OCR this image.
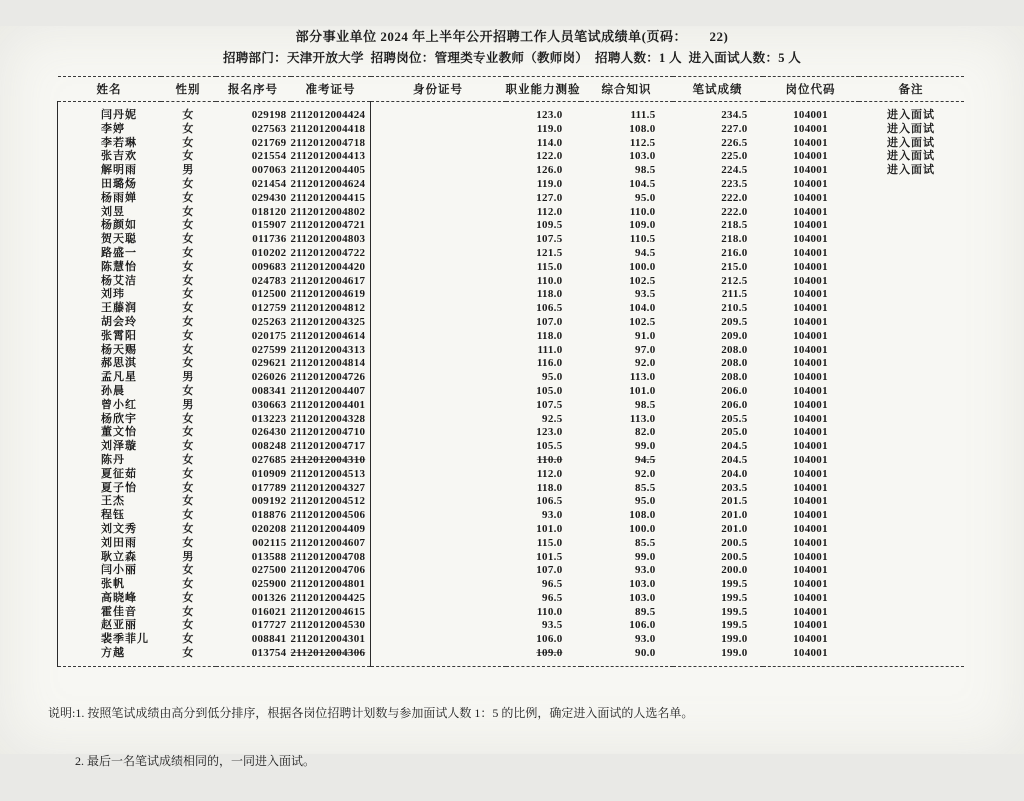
部分事业单位 2024 年上半年公开招聘工作人员笔试成绩单(页码：      22)
招聘部门：天津开放大学  招聘岗位：管理类专业教师（教师岗）  招聘人数：1 人  进入面试人数：5 人
姓名	性别	报名序号	准考证号	身份证号	职业能力测验	综合知识	笔试成绩	岗位代码	备注
闫丹妮	女	029198	2112012004424		123.0	111.5	234.5	104001	进入面试
李婷	女	027563	2112012004418		119.0	108.0	227.0	104001	进入面试
李若琳	女	021769	2112012004718		114.0	112.5	226.5	104001	进入面试
张吉欢	女	021554	2112012004413		122.0	103.0	225.0	104001	进入面试
解明雨	男	007063	2112012004405		126.0	98.5	224.5	104001	进入面试
田璐炀	女	021454	2112012004624		119.0	104.5	223.5	104001	
杨雨婵	女	029430	2112012004415		127.0	95.0	222.0	104001	
刘昱	女	018120	2112012004802		112.0	110.0	222.0	104001	
杨颜如	女	015907	2112012004721		109.5	109.0	218.5	104001	
贺天聪	女	011736	2112012004803		107.5	110.5	218.0	104001	
路盛一	女	010202	2112012004722		121.5	94.5	216.0	104001	
陈慧怡	女	009683	2112012004420		115.0	100.0	215.0	104001	
杨艾洁	女	024783	2112012004617		110.0	102.5	212.5	104001	
刘玮	女	012500	2112012004619		118.0	93.5	211.5	104001	
王藤润	女	012759	2112012004812		106.5	104.0	210.5	104001	
胡会玲	女	025263	2112012004325		107.0	102.5	209.5	104001	
张霄阳	女	020175	2112012004614		118.0	91.0	209.0	104001	
杨天赐	女	027599	2112012004313		111.0	97.0	208.0	104001	
郝思淇	女	029621	2112012004814		116.0	92.0	208.0	104001	
孟凡星	男	026026	2112012004726		95.0	113.0	208.0	104001	
孙晨	女	008341	2112012004407		105.0	101.0	206.0	104001	
曾小红	男	030663	2112012004401		107.5	98.5	206.0	104001	
杨欣宇	女	013223	2112012004328		92.5	113.0	205.5	104001	
董文怡	女	026430	2112012004710		123.0	82.0	205.0	104001	
刘泽璇	女	008248	2112012004717		105.5	99.0	204.5	104001	
陈丹	女	027685	2112012004310		110.0	94.5	204.5	104001	
夏征茹	女	010909	2112012004513		112.0	92.0	204.0	104001	
夏子怡	女	017789	2112012004327		118.0	85.5	203.5	104001	
王杰	女	009192	2112012004512		106.5	95.0	201.5	104001	
程钰	女	018876	2112012004506		93.0	108.0	201.0	104001	
刘文秀	女	020208	2112012004409		101.0	100.0	201.0	104001	
刘田雨	女	002115	2112012004607		115.0	85.5	200.5	104001	
耿立森	男	013588	2112012004708		101.5	99.0	200.5	104001	
闫小丽	女	027500	2112012004706		107.0	93.0	200.0	104001	
张帆	女	025900	2112012004801		96.5	103.0	199.5	104001	
高晓峰	女	001326	2112012004425		96.5	103.0	199.5	104001	
霍佳音	女	016021	2112012004615		110.0	89.5	199.5	104001	
赵亚丽	女	017727	2112012004530		93.5	106.0	199.5	104001	
裴季菲儿	女	008841	2112012004301		106.0	93.0	199.0	104001	
方越	女	013754	2112012004306		109.0	90.0	199.0	104001	

说明:1. 按照笔试成绩由高分到低分排序，根据各岗位招聘计划数与参加面试人数 1：5 的比例，确定进入面试的人选名单。

2. 最后一名笔试成绩相同的，一同进入面试。
